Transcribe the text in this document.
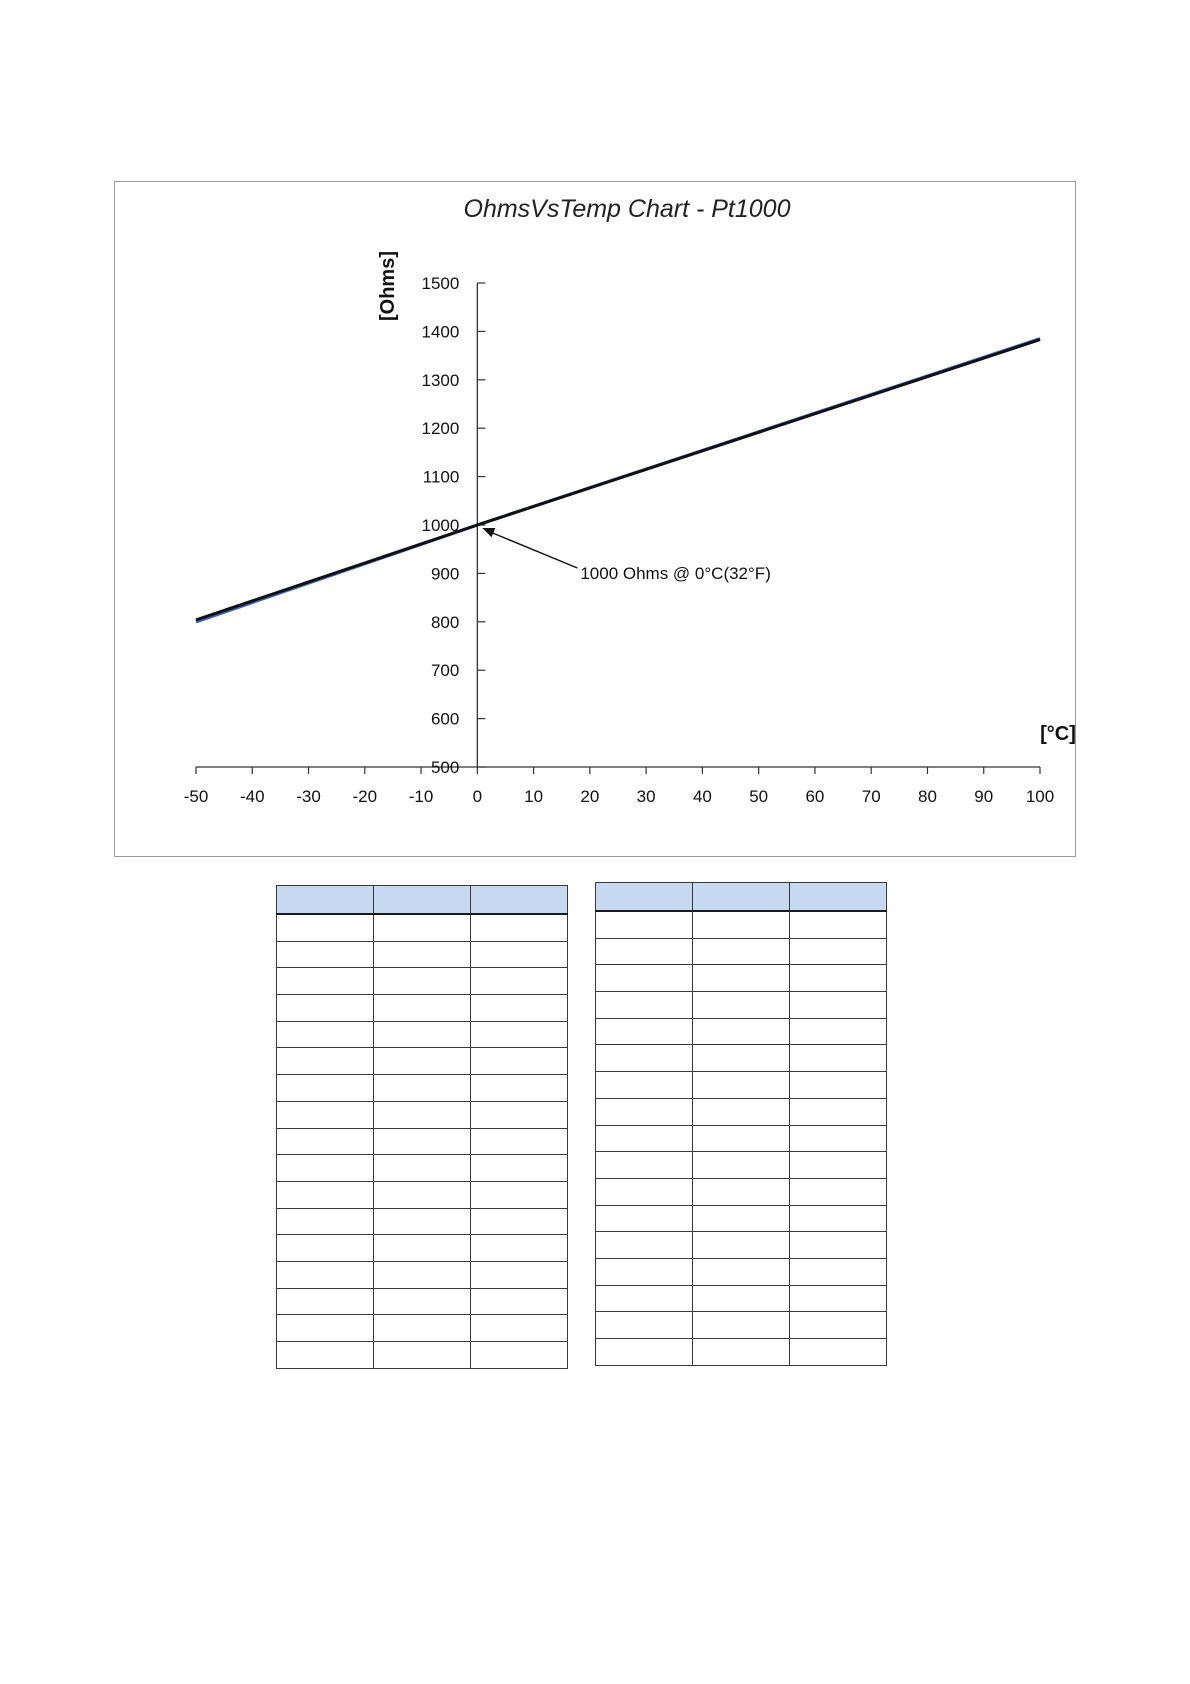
OhmsVsTemp Chart - Pt1000
[Ohms]
[°C]
-50 -40 -30 -20 -10 0 10 20 30 40 50 60 70 80 90 100
500
600
700
800
900
1000
1100
1200
1300
1400
1500
1000 Ohms @ 0°C(32°F)
